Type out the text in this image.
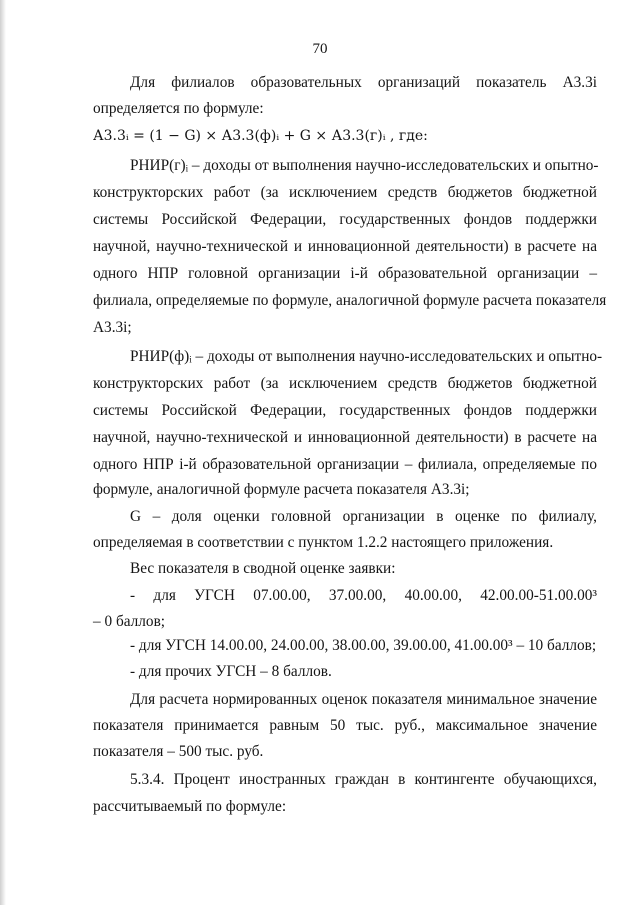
70
Для филиалов образовательных организаций показатель А3.3i
определяется по формуле:
А3.3ᵢ = (1 − G) × А3.3(ф)ᵢ + G × А3.3(г)ᵢ , где:
РНИР(г)ᵢ – доходы от выполнения научно-исследовательских и опытно-
конструкторских работ (за исключением средств бюджетов бюджетной
системы Российской Федерации, государственных фондов поддержки
научной, научно-технической и инновационной деятельности) в расчете на
одного НПР головной организации i-й образовательной организации –
филиала, определяемые по формуле, аналогичной формуле расчета показателя
А3.3i;
РНИР(ф)ᵢ – доходы от выполнения научно-исследовательских и опытно-
конструкторских работ (за исключением средств бюджетов бюджетной
системы Российской Федерации, государственных фондов поддержки
научной, научно-технической и инновационной деятельности) в расчете на
одного НПР i-й образовательной организации – филиала, определяемые по
формуле, аналогичной формуле расчета показателя А3.3i;
G – доля оценки головной организации в оценке по филиалу,
определяемая в соответствии с пунктом 1.2.2 настоящего приложения.
Вес показателя в сводной оценке заявки:
- для УГСН 07.00.00, 37.00.00, 40.00.00, 42.00.00-51.00.00³
– 0 баллов;
- для УГСН 14.00.00, 24.00.00, 38.00.00, 39.00.00, 41.00.00³ – 10 баллов;
- для прочих УГСН – 8 баллов.
Для расчета нормированных оценок показателя минимальное значение
показателя принимается равным 50 тыс. руб., максимальное значение
показателя – 500 тыс. руб.
5.3.4. Процент иностранных граждан в контингенте обучающихся,
рассчитываемый по формуле:
